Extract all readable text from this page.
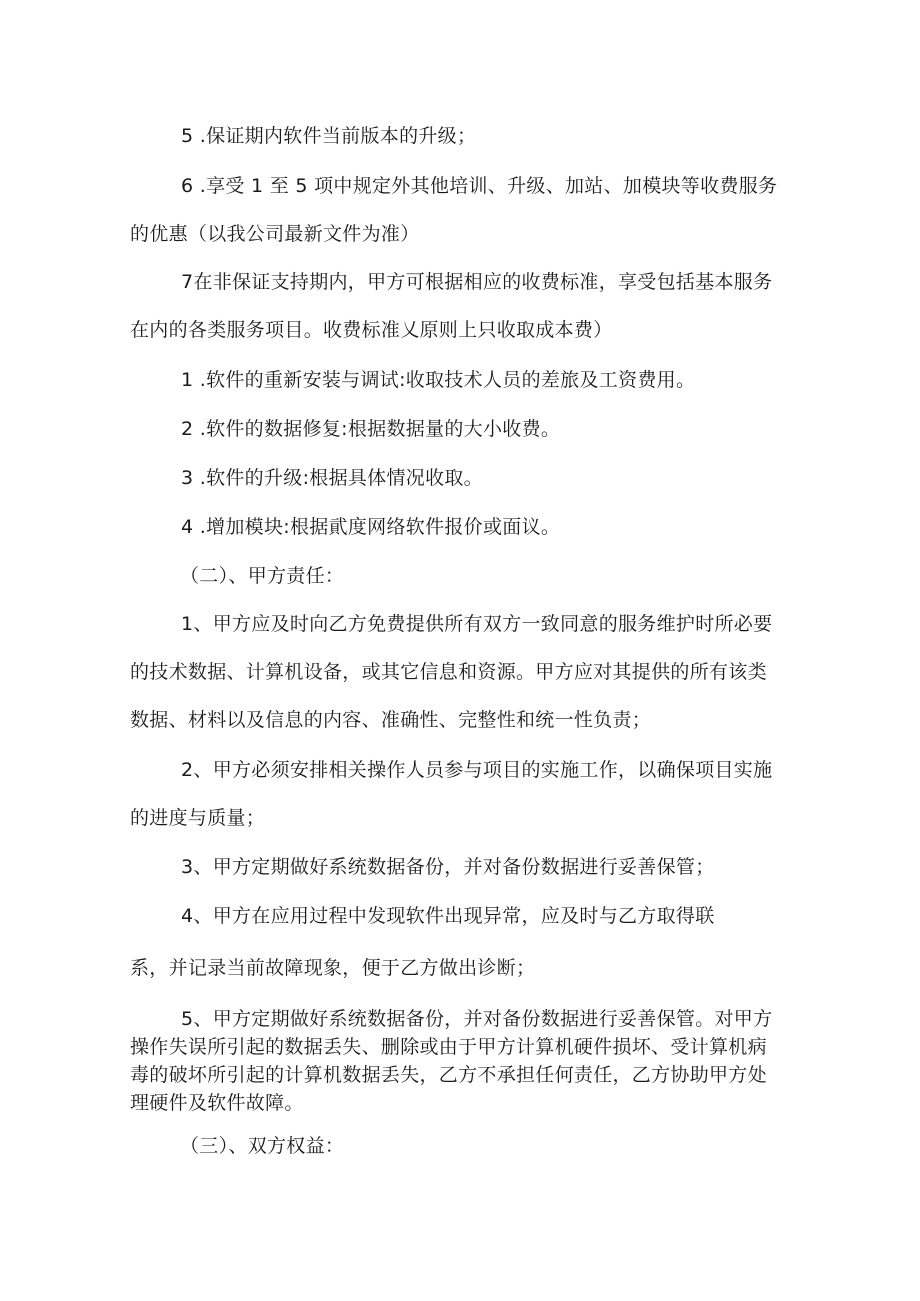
5 .保证期内软件当前版本的升级；
6 .享受 1 至 5 项中规定外其他培训、升级、加站、加模块等收费服务
的优惠（以我公司最新文件为准）
7在非保证支持期内，甲方可根据相应的收费标准，享受包括基本服务
在内的各类服务项目。收费标准乂原则上只收取成本费）
1 .软件的重新安装与调试:收取技术人员的差旅及工资费用。
2 .软件的数据修复:根据数据量的大小收费。
3 .软件的升级:根据具体情况收取。
4 .增加模块:根据貮度网络软件报价或面议。
（二）、甲方责任：
1、甲方应及时向乙方免费提供所有双方一致同意的服务维护时所必要
的技术数据、计算机设备，或其它信息和资源。甲方应对其提供的所有该类
数据、材料以及信息的内容、准确性、完整性和统一性负责；
2、甲方必须安排相关操作人员参与项目的实施工作，以确保项目实施
的进度与质量；
3、甲方定期做好系统数据备份，并对备份数据进行妥善保管；
4、甲方在应用过程中发现软件出现异常，应及时与乙方取得联
系，并记录当前故障现象，便于乙方做出诊断；
5、甲方定期做好系统数据备份，并对备份数据进行妥善保管。对甲方
操作失误所引起的数据丢失、删除或由于甲方计算机硬件损坏、受计算机病
毒的破坏所引起的计算机数据丢失，乙方不承担任何责任，乙方协助甲方处
理硬件及软件故障。
（三）、双方权益：
